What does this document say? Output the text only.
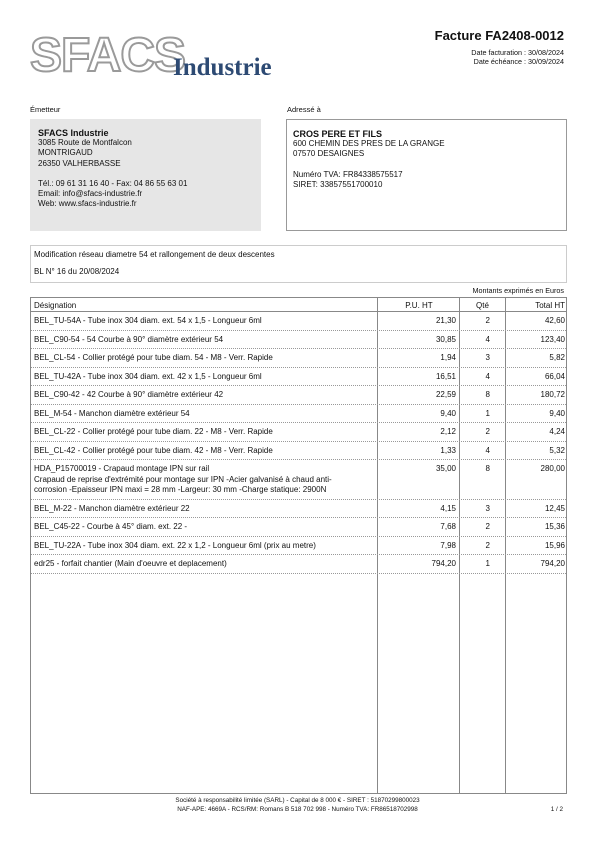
SFACS
Industrie
Facture FA2408-0012
Date facturation : 30/08/2024
Date échéance : 30/09/2024
Émetteur	Adressé à
SFACS Industrie
3085 Route de Montfalcon
MONTRIGAUD
26350 VALHERBASSE
Tél.: 09 61 31 16 40 - Fax: 04 86 55 63 01
Email: info@sfacs-industrie.fr
Web: www.sfacs-industrie.fr
CROS PERE ET FILS
600 CHEMIN DES PRES DE LA GRANGE
07570 DESAIGNES
Numéro TVA: FR84338575517
SIRET: 33857551700010
Modification réseau diametre 54 et rallongement de deux descentes
BL N° 16 du 20/08/2024
Montants exprimés en Euros
Désignation	P.U. HT	Qté	Total HT
BEL_TU-54A - Tube inox 304 diam. ext. 54 x 1,5 - Longueur 6ml	21,30	2	42,60
BEL_C90-54 - 54 Courbe à 90° diamètre extérieur 54	30,85	4	123,40
BEL_CL-54 - Collier protégé pour tube diam. 54 - M8 - Verr. Rapide	1,94	3	5,82
BEL_TU-42A - Tube inox 304 diam. ext. 42 x 1,5 - Longueur 6ml	16,51	4	66,04
BEL_C90-42 - 42 Courbe à 90° diamètre extérieur 42	22,59	8	180,72
BEL_M-54 - Manchon diamètre extérieur 54	9,40	1	9,40
BEL_CL-22 - Collier protégé pour tube diam. 22 - M8 - Verr. Rapide	2,12	2	4,24
BEL_CL-42 - Collier protégé pour tube diam. 42 - M8 - Verr. Rapide	1,33	4	5,32
HDA_P15700019 - Crapaud montage IPN sur rail
Crapaud de reprise d'extrémité pour montage sur IPN -Acier galvanisé à chaud anti-
corrosion -Epaisseur IPN maxi = 28 mm -Largeur: 30 mm -Charge statique: 2900N
35,00	8	280,00
BEL_M-22 - Manchon diamètre extérieur 22	4,15	3	12,45
BEL_C45-22 - Courbe à 45° diam. ext. 22 -	7,68	2	15,36
BEL_TU-22A - Tube inox 304 diam. ext. 22 x 1,2 - Longueur 6ml (prix au metre)	7,98	2	15,96
edr25 - forfait chantier (Main d'oeuvre et deplacement)	794,20	1	794,20
Société à responsabilité limitée (SARL) - Capital de 8 000 € - SIRET : 51870299800023
NAF-APE: 4669A - RCS/RM: Romans B 518 702 998 - Numéro TVA: FR86518702998	1 / 2
